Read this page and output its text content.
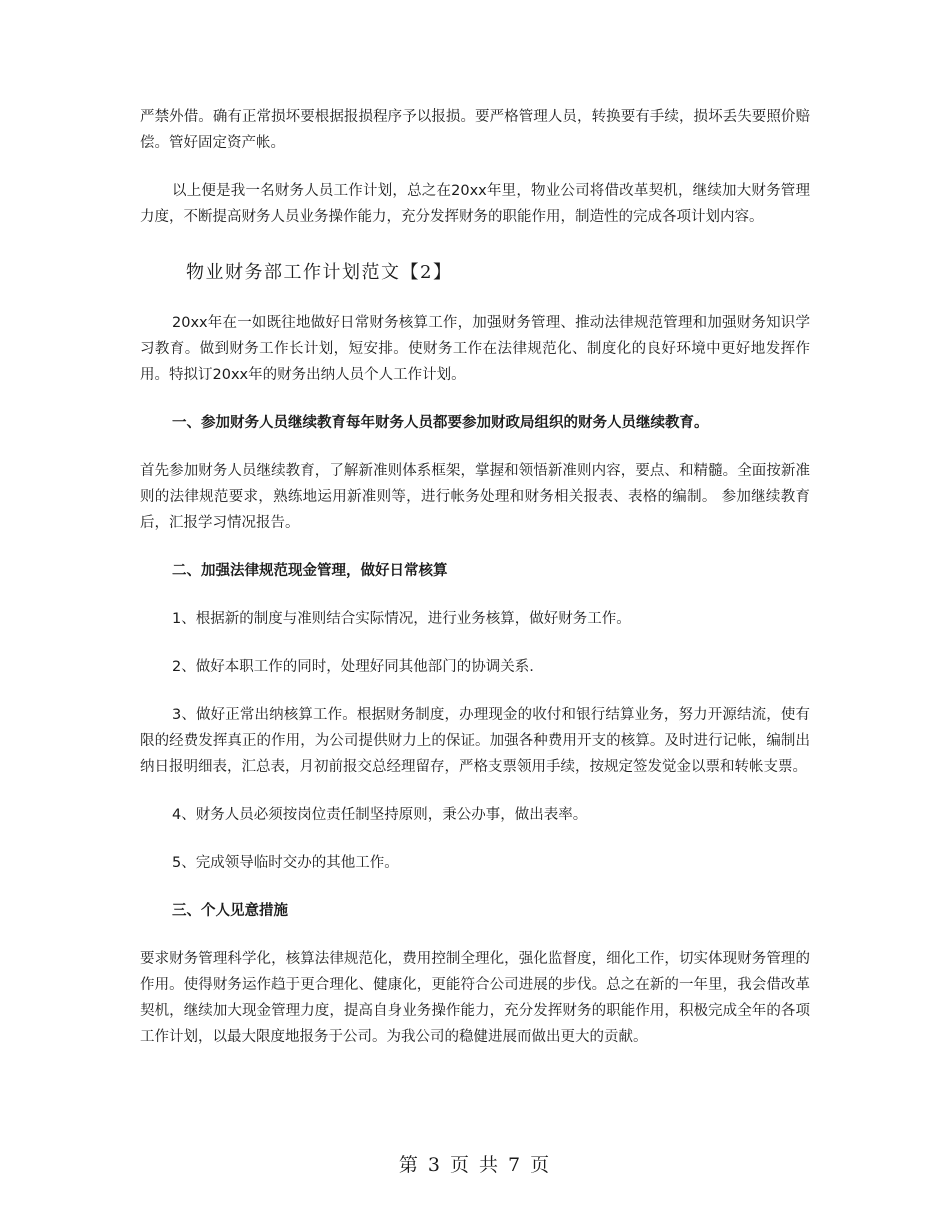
严禁外借。确有正常损坏要根据报损程序予以报损。要严格管理人员，转换要有手续，损坏丢失要照价赔偿。管好固定资产帐。

以上便是我一名财务人员工作计划，总之在20xx年里，物业公司将借改革契机，继续加大财务管理力度，不断提高财务人员业务操作能力，充分发挥财务的职能作用，制造性的完成各项计划内容。

物业财务部工作计划范文【2】

20xx年在一如既往地做好日常财务核算工作，加强财务管理、推动法律规范管理和加强财务知识学习教育。做到财务工作长计划，短安排。使财务工作在法律规范化、制度化的良好环境中更好地发挥作用。特拟订20xx年的财务出纳人员个人工作计划。

一、参加财务人员继续教育每年财务人员都要参加财政局组织的财务人员继续教育。

首先参加财务人员继续教育，了解新准则体系框架，掌握和领悟新准则内容，要点、和精髓。全面按新准则的法律规范要求，熟练地运用新准则等，进行帐务处理和财务相关报表、表格的编制。 参加继续教育后，汇报学习情况报告。

二、加强法律规范现金管理，做好日常核算

1、根据新的制度与准则结合实际情况，进行业务核算，做好财务工作。

2、做好本职工作的同时，处理好同其他部门的协调关系.

3、做好正常出纳核算工作。根据财务制度，办理现金的收付和银行结算业务，努力开源结流，使有限的经费发挥真正的作用，为公司提供财力上的保证。加强各种费用开支的核算。及时进行记帐，编制出纳日报明细表，汇总表，月初前报交总经理留存，严格支票领用手续，按规定签发觉金以票和转帐支票。

4、财务人员必须按岗位责任制坚持原则，秉公办事，做出表率。

5、完成领导临时交办的其他工作。

三、个人见意措施

要求财务管理科学化，核算法律规范化，费用控制全理化，强化监督度，细化工作，切实体现财务管理的作用。使得财务运作趋于更合理化、健康化，更能符合公司进展的步伐。总之在新的一年里，我会借改革契机，继续加大现金管理力度，提高自身业务操作能力，充分发挥财务的职能作用，积极完成全年的各项工作计划，以最大限度地报务于公司。为我公司的稳健进展而做出更大的贡献。

第 3 页 共 7 页
